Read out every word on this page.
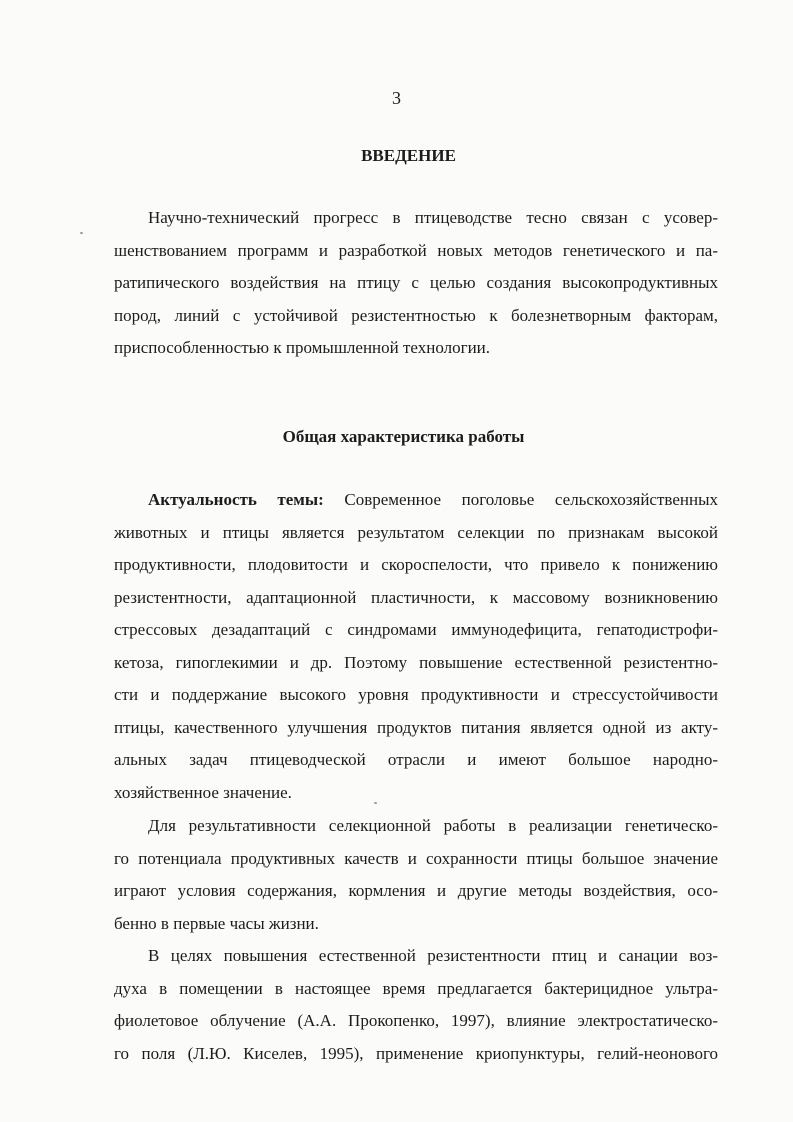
3
ВВЕДЕНИЕ
Научно-технический прогресс в птицеводстве тесно связан с усовер-
шенствованием программ и разработкой новых методов генетического и па-
ратипического воздействия на птицу с целью создания высокопродуктивных
пород, линий с устойчивой резистентностью к болезнетворным факторам,
приспособленностью к промышленной технологии.
Общая характеристика работы
Актуальность темы: Современное поголовье сельскохозяйственных
животных и птицы является результатом селекции по признакам высокой
продуктивности, плодовитости и скороспелости, что привело к понижению
резистентности, адаптационной пластичности, к массовому возникновению
стрессовых дезадаптаций с синдромами иммунодефицита, гепатодистрофи-
кетоза, гипоглекимии и др. Поэтому повышение естественной резистентно-
сти и поддержание высокого уровня продуктивности и стрессустойчивости
птицы, качественного улучшения продуктов питания является одной из акту-
альных задач птицеводческой отрасли и имеют большое народно-
хозяйственное значение.
Для результативности селекционной работы в реализации генетическо-
го потенциала продуктивных качеств и сохранности птицы большое значение
играют условия содержания, кормления и другие методы воздействия, осо-
бенно в первые часы жизни.
В целях повышения естественной резистентности птиц и санации воз-
духа в помещении в настоящее время предлагается бактерицидное ультра-
фиолетовое облучение (А.А. Прокопенко, 1997), влияние электростатическо-
го поля (Л.Ю. Киселев, 1995), применение криопунктуры, гелий-неонового
